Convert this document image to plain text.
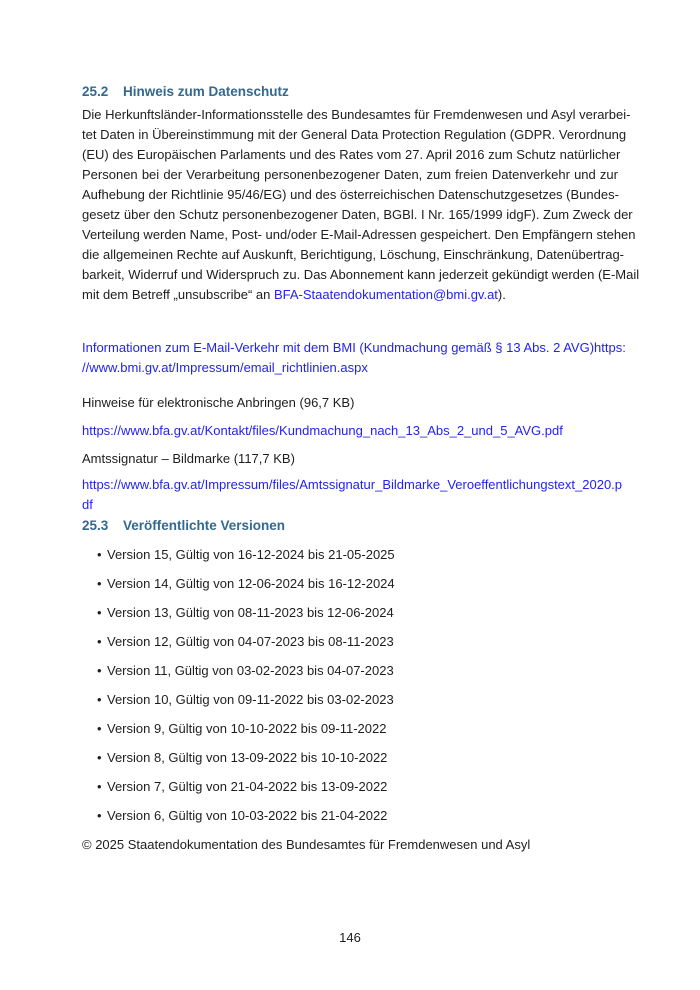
25.2 Hinweis zum Datenschutz
Die Herkunftsländer-Informationsstelle des Bundesamtes für Fremdenwesen und Asyl verarbei-
tet Daten in Übereinstimmung mit der General Data Protection Regulation (GDPR. Verordnung
(EU) des Europäischen Parlaments und des Rates vom 27. April 2016 zum Schutz natürlicher
Personen bei der Verarbeitung personenbezogener Daten, zum freien Datenverkehr und zur
Aufhebung der Richtlinie 95/46/EG) und des österreichischen Datenschutzgesetzes (Bundes-
gesetz über den Schutz personenbezogener Daten, BGBl. I Nr. 165/1999 idgF). Zum Zweck der
Verteilung werden Name, Post- und/oder E-Mail-Adressen gespeichert. Den Empfängern stehen
die allgemeinen Rechte auf Auskunft, Berichtigung, Löschung, Einschränkung, Datenübertrag-
barkeit, Widerruf und Widerspruch zu. Das Abonnement kann jederzeit gekündigt werden (E-Mail
mit dem Betreff „unsubscribe“ an BFA-Staatendokumentation@bmi.gv.at).
Informationen zum E-Mail-Verkehr mit dem BMI (Kundmachung gemäß § 13 Abs. 2 AVG)https:
//www.bmi.gv.at/Impressum/email_richtlinien.aspx
Hinweise für elektronische Anbringen (96,7 KB)
https://www.bfa.gv.at/Kontakt/files/Kundmachung_nach_13_Abs_2_und_5_AVG.pdf
Amtssignatur – Bildmarke (117,7 KB)
https://www.bfa.gv.at/Impressum/files/Amtssignatur_Bildmarke_Veroeffentlichungstext_2020.p
df
25.3 Veröffentlichte Versionen
• Version 15, Gültig von 16-12-2024 bis 21-05-2025
• Version 14, Gültig von 12-06-2024 bis 16-12-2024
• Version 13, Gültig von 08-11-2023 bis 12-06-2024
• Version 12, Gültig von 04-07-2023 bis 08-11-2023
• Version 11, Gültig von 03-02-2023 bis 04-07-2023
• Version 10, Gültig von 09-11-2022 bis 03-02-2023
• Version 9, Gültig von 10-10-2022 bis 09-11-2022
• Version 8, Gültig von 13-09-2022 bis 10-10-2022
• Version 7, Gültig von 21-04-2022 bis 13-09-2022
• Version 6, Gültig von 10-03-2022 bis 21-04-2022
© 2025 Staatendokumentation des Bundesamtes für Fremdenwesen und Asyl
146
